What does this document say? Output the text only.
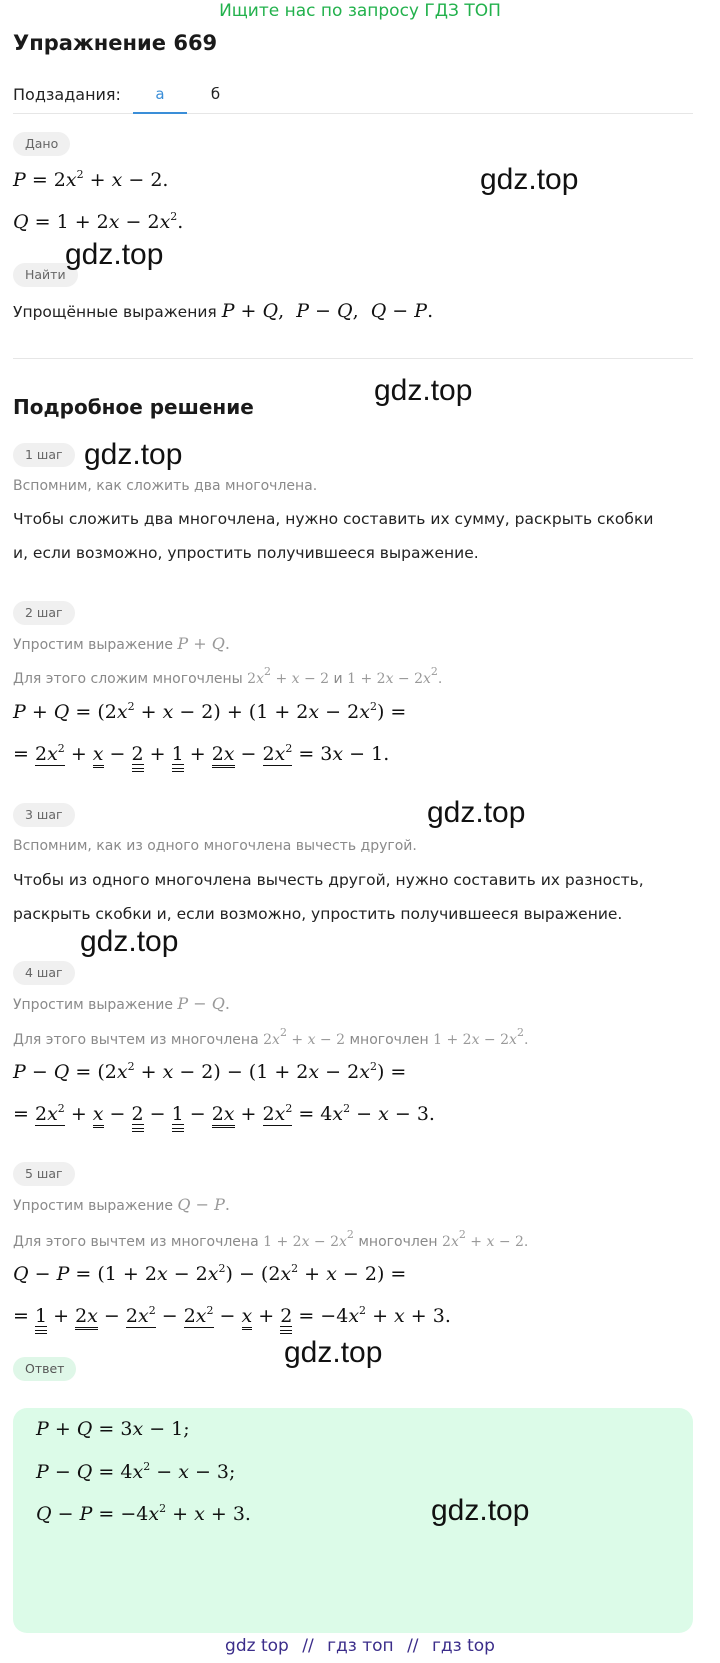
Ищите нас по запросу ГДЗ ТОП
Упражнение 669
Подзадания:	а	б
Дано
$P = 2x^2 + x - 2$.
$Q = 1 + 2x - 2x^2$.
Найти
Упрощённые выражения P + Q,  P − Q,  Q − P.
Подробное решение
1 шаг
Вспомним, как сложить два многочлена.
Чтобы сложить два многочлена, нужно составить их сумму, раскрыть скобки
и, если возможно, упростить получившееся выражение.
2 шаг
Упростим выражение P + Q.
Для этого сложим многочлены $2x^2 + x - 2$ и $1 + 2x - 2x^2$.
$P + Q = (2x^2 + x - 2) + (1 + 2x - 2x^2)$ =
= $2x^2 + x - 2 + 1 + 2x - 2x^2 = 3x - 1$.
3 шаг
Вспомним, как из одного многочлена вычесть другой.
Чтобы из одного многочлена вычесть другой, нужно составить их разность,
раскрыть скобки и, если возможно, упростить получившееся выражение.
4 шаг
Упростим выражение P − Q.
Для этого вычтем из многочлена $2x^2 + x - 2$ многочлен $1 + 2x - 2x^2$.
$P - Q = (2x^2 + x - 2) - (1 + 2x - 2x^2)$ =
= $2x^2 + x - 2 - 1 - 2x + 2x^2 = 4x^2 - x - 3$.
5 шаг
Упростим выражение Q − P.
Для этого вычтем из многочлена $1 + 2x - 2x^2$ многочлен $2x^2 + x - 2$.
$Q - P = (1 + 2x - 2x^2) - (2x^2 + x - 2)$ =
= $1 + 2x - 2x^2 - 2x^2 - x + 2 = -4x^2 + x + 3$.
Ответ
P + Q = 3x − 1;
$P - Q = 4x^2 - x - 3$;
$Q - P = -4x^2 + x + 3$.
gdz.top
gdz.top
gdz.top
gdz.top
gdz.top
gdz.top
gdz.top
gdz.top
gdz top // гдз топ // гдз top
